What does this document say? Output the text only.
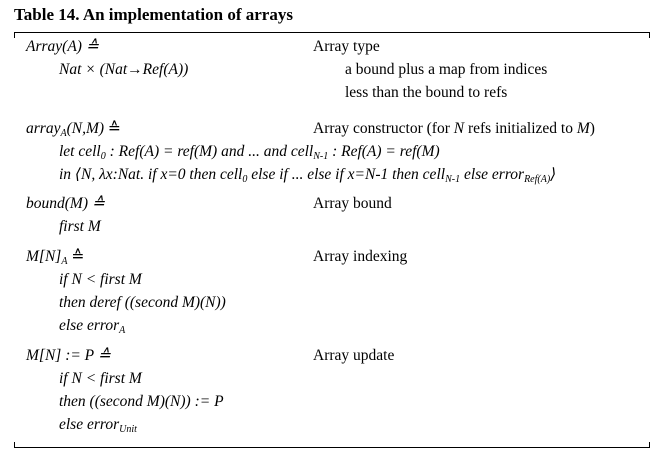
Table 14. An implementation of arrays
Array(A) ≙	Array type
Nat × (Nat→Ref(A))	a bound plus a map from indices
less than the bound to refs
array$_A$(N,M) ≙	Array constructor (for N refs initialized to M)
let cell$_0$ : Ref(A) = ref(M) and ... and cell$_{N-1}$ : Ref(A) = ref(M)
in ⟨N, λx:Nat. if x=0 then cell$_0$ else if ... else if x=N-1 then cell$_{N-1}$ else error$_{Ref(A)}$⟩
bound(M) ≙	Array bound
first M
$M[N]_A$ ≙	Array indexing
if N < first M
then deref ((second M)(N))
else error$_A$
M[N] := P ≙	Array update
if N < first M
then ((second M)(N)) := P
else error$_{Unit}$
